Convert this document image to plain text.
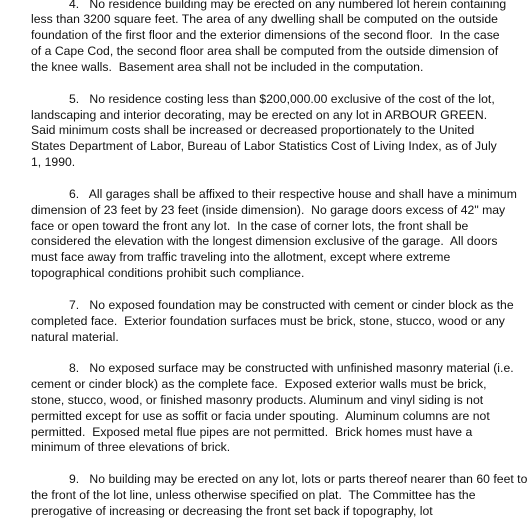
4.   No residence building may be erected on any numbered lot herein containing
less than 3200 square feet. The area of any dwelling shall be computed on the outside
foundation of the first floor and the exterior dimensions of the second floor.  In the case
of a Cape Cod, the second floor area shall be computed from the outside dimension of
the knee walls.  Basement area shall not be included in the computation.
5.   No residence costing less than $200,000.00 exclusive of the cost of the lot,
landscaping and interior decorating, may be erected on any lot in ARBOUR GREEN.
Said minimum costs shall be increased or decreased proportionately to the United
States Department of Labor, Bureau of Labor Statistics Cost of Living Index, as of July
1, 1990.
6.   All garages shall be affixed to their respective house and shall have a minimum
dimension of 23 feet by 23 feet (inside dimension).  No garage doors excess of 42" may
face or open toward the front any lot.  In the case of corner lots, the front shall be
considered the elevation with the longest dimension exclusive of the garage.  All doors
must face away from traffic traveling into the allotment, except where extreme
topographical conditions prohibit such compliance.
7.   No exposed foundation may be constructed with cement or cinder block as the
completed face.  Exterior foundation surfaces must be brick, stone, stucco, wood or any
natural material.
8.   No exposed surface may be constructed with unfinished masonry material (i.e.
cement or cinder block) as the complete face.  Exposed exterior walls must be brick,
stone, stucco, wood, or finished masonry products. Aluminum and vinyl siding is not
permitted except for use as soffit or facia under spouting.  Aluminum columns are not
permitted.  Exposed metal flue pipes are not permitted.  Brick homes must have a
minimum of three elevations of brick.
9.   No building may be erected on any lot, lots or parts thereof nearer than 60 feet to
the front of the lot line, unless otherwise specified on plat.  The Committee has the
prerogative of increasing or decreasing the front set back if topography, lot
